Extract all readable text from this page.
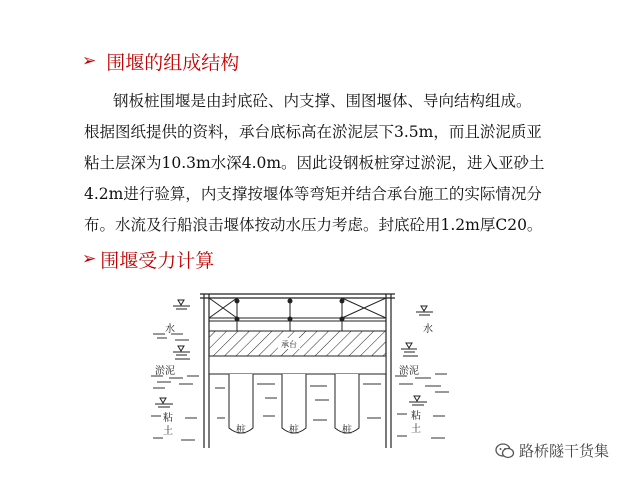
➢ 围堰的组成结构

钢板桩围堰是由封底砼、内支撑、围图堰体、导向结构组成。

根据图纸提供的资料，承台底标高在淤泥层下3.5m，而且淤泥质亚

粘土层深为10.3m水深4.0m。因此设钢板桩穿过淤泥，进入亚砂土

4.2m进行验算，内支撑按堰体等弯矩并结合承台施工的实际情况分

布。水流及行船浪击堰体按动水压力考虑。封底砼用1.2m厚C20。

➢ 围堰受力计算
承台
水	水
淤泥	淤泥
粘
土
粘
土
桩	桩	桩
路桥隧干货集
